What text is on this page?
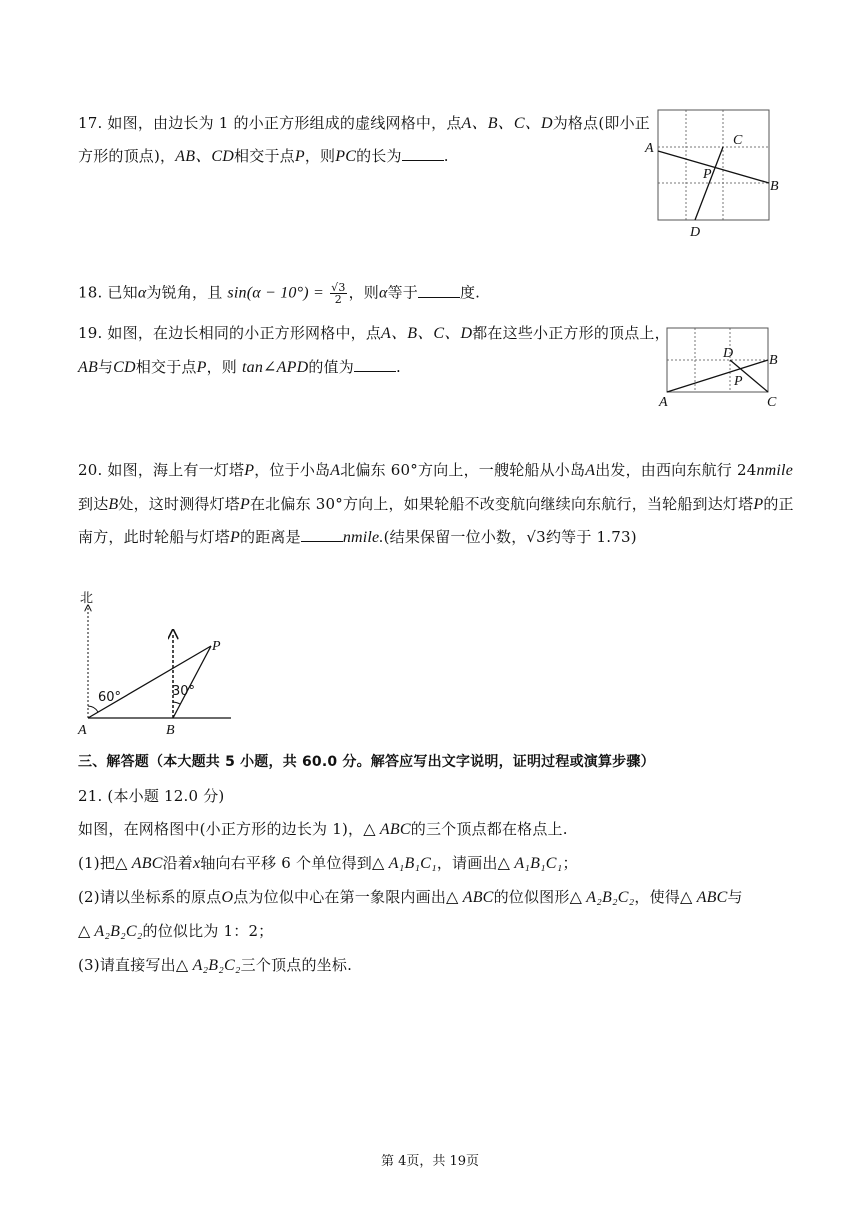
17. 如图，由边长为 1 的小正方形组成的虚线网格中，点A、B、C、D为格点(即小正
方形的顶点)，AB、CD相交于点P，则PC的长为	.	A
B
C
D
P
18. 已知α为锐角，且 $\sin(\alpha - 10^\circ) = \frac{√3}{2}$ ，则α等于	度.
19. 如图，在边长相同的小正方形网格中，点A、B、C、D都在这些小正方形的顶点上，
AB与CD相交于点P，则 tan∠APD的值为	.
A
B
C
D
P
20. 如图，海上有一灯塔P，位于小岛A北偏东 60°方向上，一艘轮船从小岛A出发，由西向东航行 24nmile
到达B处，这时测得灯塔P在北偏东 30°方向上，如果轮船不改变航向继续向东航行，当轮船到达灯塔P的正
南方，此时轮船与灯塔P的距离是	nmile.(结果保留一位小数，√3约等于 1.73)
北
60°	30°
A	B
P
三、解答题（本大题共 5 小题，共 60.0 分。解答应写出文字说明，证明过程或演算步骤）
21. (本小题 12.0 分)
如图，在网格图中(小正方形的边长为 1)，△ ABC的三个顶点都在格点上.
(1)把△ ABC沿着x轴向右平移 6 个单位得到△ A₁B₁C₁，请画出△ A₁B₁C₁；
(2)请以坐标系的原点O点为位似中心在第一象限内画出△ ABC的位似图形△ A₂B₂C₂，使得△ ABC与
△ A₂B₂C₂的位似比为 1：2；
(3)请直接写出△ A₂B₂C₂三个顶点的坐标.
第 4页，共 19页
